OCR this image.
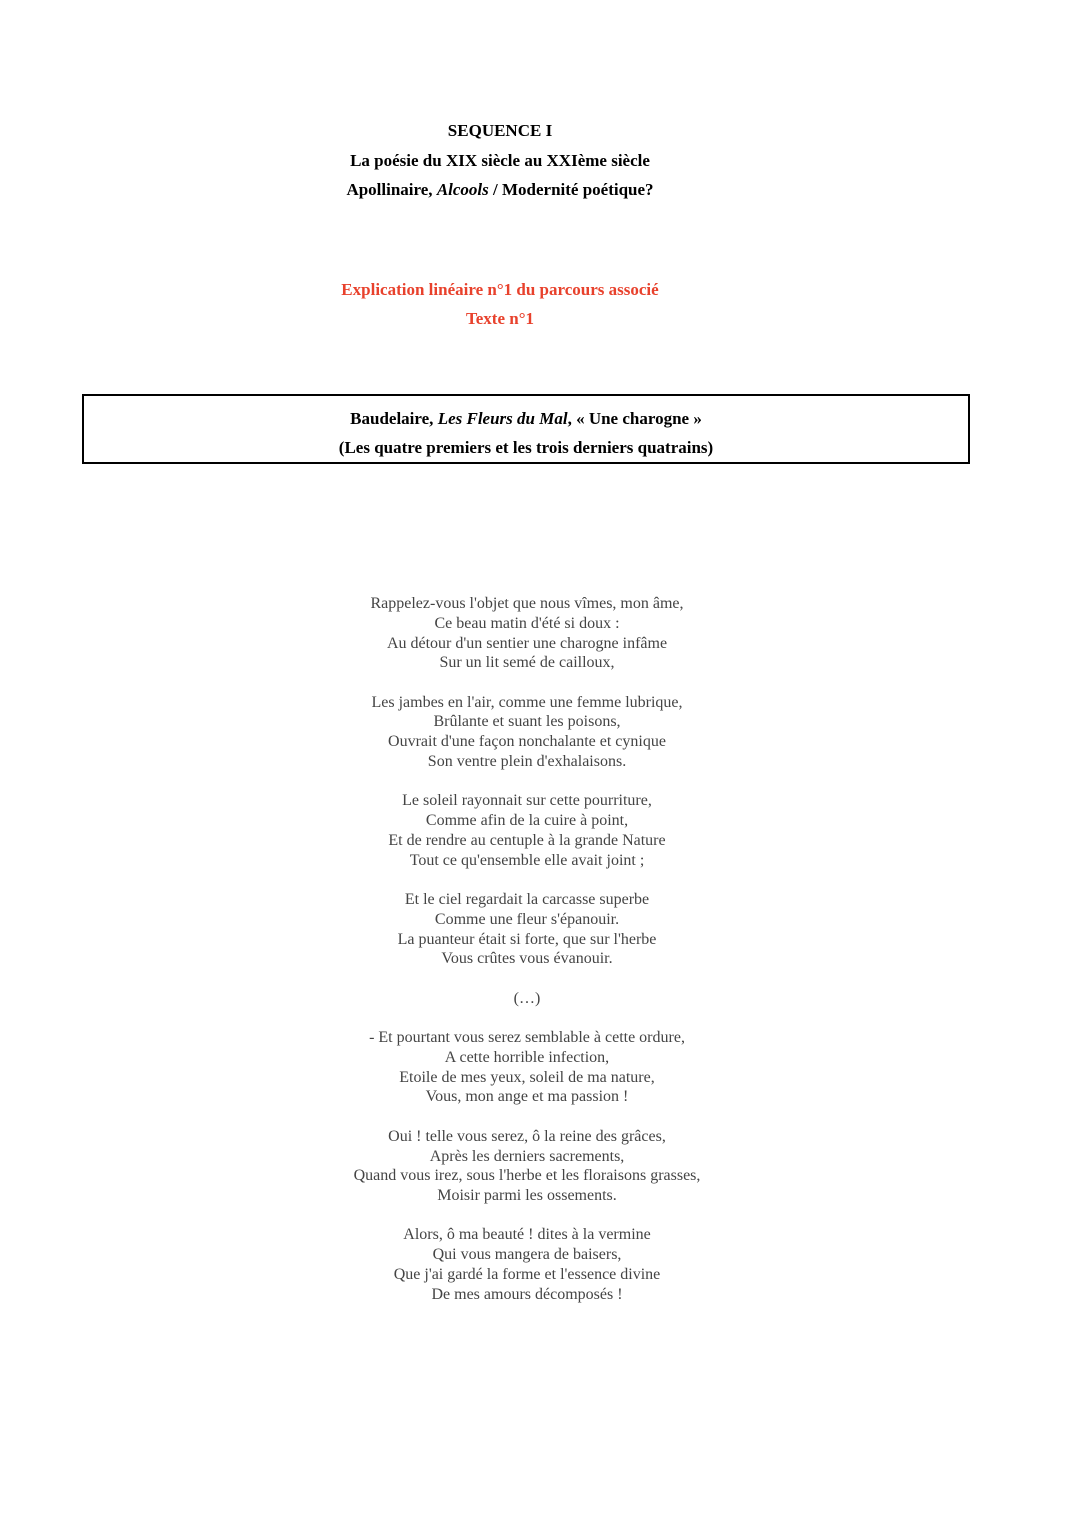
SEQUENCE I
La poésie du XIX siècle au XXIème siècle
Apollinaire, Alcools / Modernité poétique?
Explication linéaire n°1 du parcours associé
Texte n°1
Baudelaire, Les Fleurs du Mal, « Une charogne »
(Les quatre premiers et les trois derniers quatrains)
Rappelez-vous l'objet que nous vîmes, mon âme,
Ce beau matin d'été si doux :
Au détour d'un sentier une charogne infâme
Sur un lit semé de cailloux,
Les jambes en l'air, comme une femme lubrique,
Brûlante et suant les poisons,
Ouvrait d'une façon nonchalante et cynique
Son ventre plein d'exhalaisons.
Le soleil rayonnait sur cette pourriture,
Comme afin de la cuire à point,
Et de rendre au centuple à la grande Nature
Tout ce qu'ensemble elle avait joint ;
Et le ciel regardait la carcasse superbe
Comme une fleur s'épanouir.
La puanteur était si forte, que sur l'herbe
Vous crûtes vous évanouir.
(…)
- Et pourtant vous serez semblable à cette ordure,
A cette horrible infection,
Etoile de mes yeux, soleil de ma nature,
Vous, mon ange et ma passion !
Oui ! telle vous serez, ô la reine des grâces,
Après les derniers sacrements,
Quand vous irez, sous l'herbe et les floraisons grasses,
Moisir parmi les ossements.
Alors, ô ma beauté ! dites à la vermine
Qui vous mangera de baisers,
Que j'ai gardé la forme et l'essence divine
De mes amours décomposés !
